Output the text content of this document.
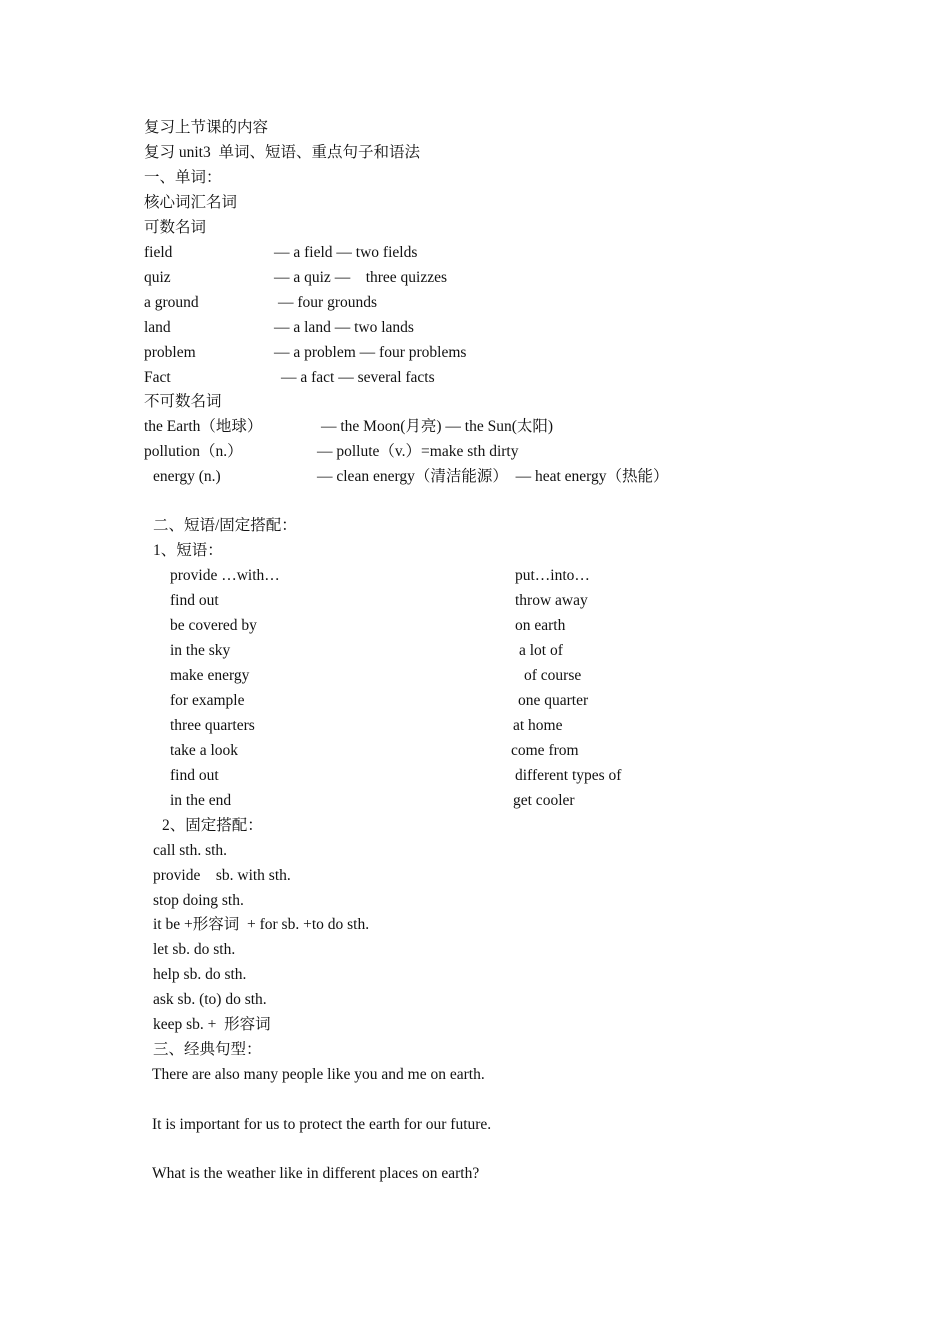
复习上节课的内容
复习 unit3  单词、短语、重点句子和语法
一、单词：
核心词汇名词
可数名词
field	— a field — two fields
quiz	— a quiz —    three quizzes
a ground	— four grounds
land	— a land — two lands
problem	— a problem — four problems
Fact	— a fact — several facts
不可数名词
the Earth（地球）	— the Moon(月亮) — the Sun(太阳)
pollution（n.）	— pollute（v.）=make sth dirty
energy (n.)	— clean energy（清洁能源）  — heat energy（热能）
二、短语/固定搭配：
1、短语：
provide …with…	put…into…
find out	throw away
be covered by	on earth
in the sky	a lot of
make energy	of course
for example	one quarter
three quarters	at home
take a look	come from
find out	different types of
in the end	get cooler
2、固定搭配：
call sth. sth.
provide    sb. with sth.
stop doing sth.
it be +形容词  + for sb. +to do sth.
let sb. do sth.
help sb. do sth.
ask sb. (to) do sth.
keep sb. +  形容词
三、经典句型：
There are also many people like you and me on earth.
It is important for us to protect the earth for our future.
What is the weather like in different places on earth?
